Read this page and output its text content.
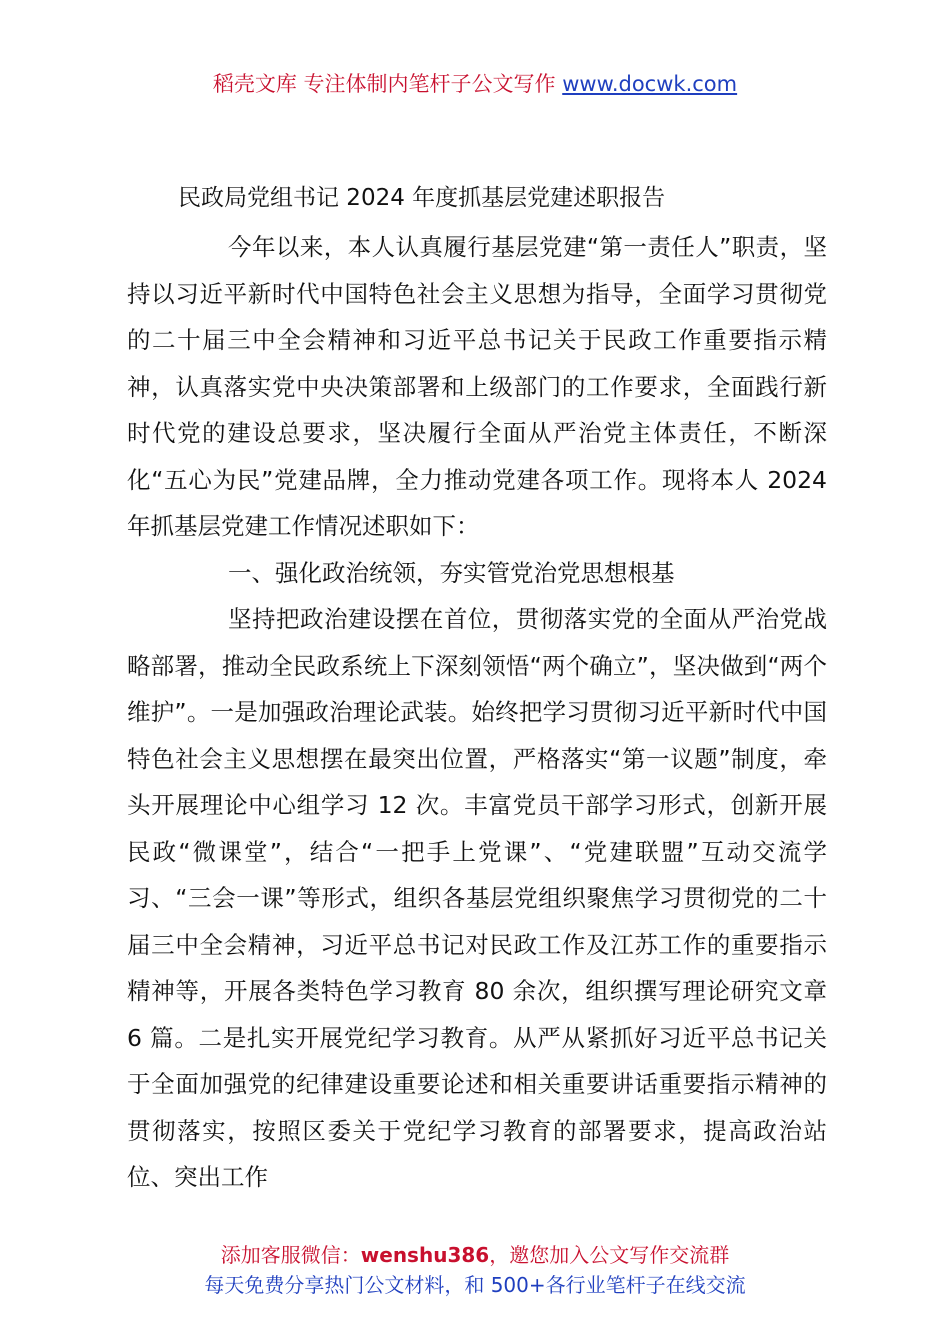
稻壳文库 专注体制内笔杆子公文写作 www.docwk.com
民政局党组书记 2024 年度抓基层党建述职报告

今年以来，本人认真履行基层党建“第一责任人”职责，坚持以习近平新时代中国特色社会主义思想为指导，全面学习贯彻党的二十届三中全会精神和习近平总书记关于民政工作重要指示精神，认真落实党中央决策部署和上级部门的工作要求，全面践行新时代党的建设总要求，坚决履行全面从严治党主体责任，不断深化“五心为民”党建品牌，全力推动党建各项工作。现将本人 2024 年抓基层党建工作情况述职如下：

一、强化政治统领，夯实管党治党思想根基

坚持把政治建设摆在首位，贯彻落实党的全面从严治党战略部署，推动全民政系统上下深刻领悟“两个确立”，坚决做到“两个维护”。一是加强政治理论武装。始终把学习贯彻习近平新时代中国特色社会主义思想摆在最突出位置，严格落实“第一议题”制度，牵头开展理论中心组学习 12 次。丰富党员干部学习形式，创新开展民政“微课堂”，结合“一把手上党课”、“党建联盟”互动交流学习、“三会一课”等形式，组织各基层党组织聚焦学习贯彻党的二十届三中全会精神，习近平总书记对民政工作及江苏工作的重要指示精神等，开展各类特色学习教育 80 余次，组织撰写理论研究文章 6 篇。二是扎实开展党纪学习教育。从严从紧抓好习近平总书记关于全面加强党的纪律建设重要论述和相关重要讲话重要指示精神的贯彻落实，按照区委关于党纪学习教育的部署要求，提高政治站位、突出工作

添加客服微信：wenshu386，邀您加入公文写作交流群
每天免费分享热门公文材料，和 500+各行业笔杆子在线交流
